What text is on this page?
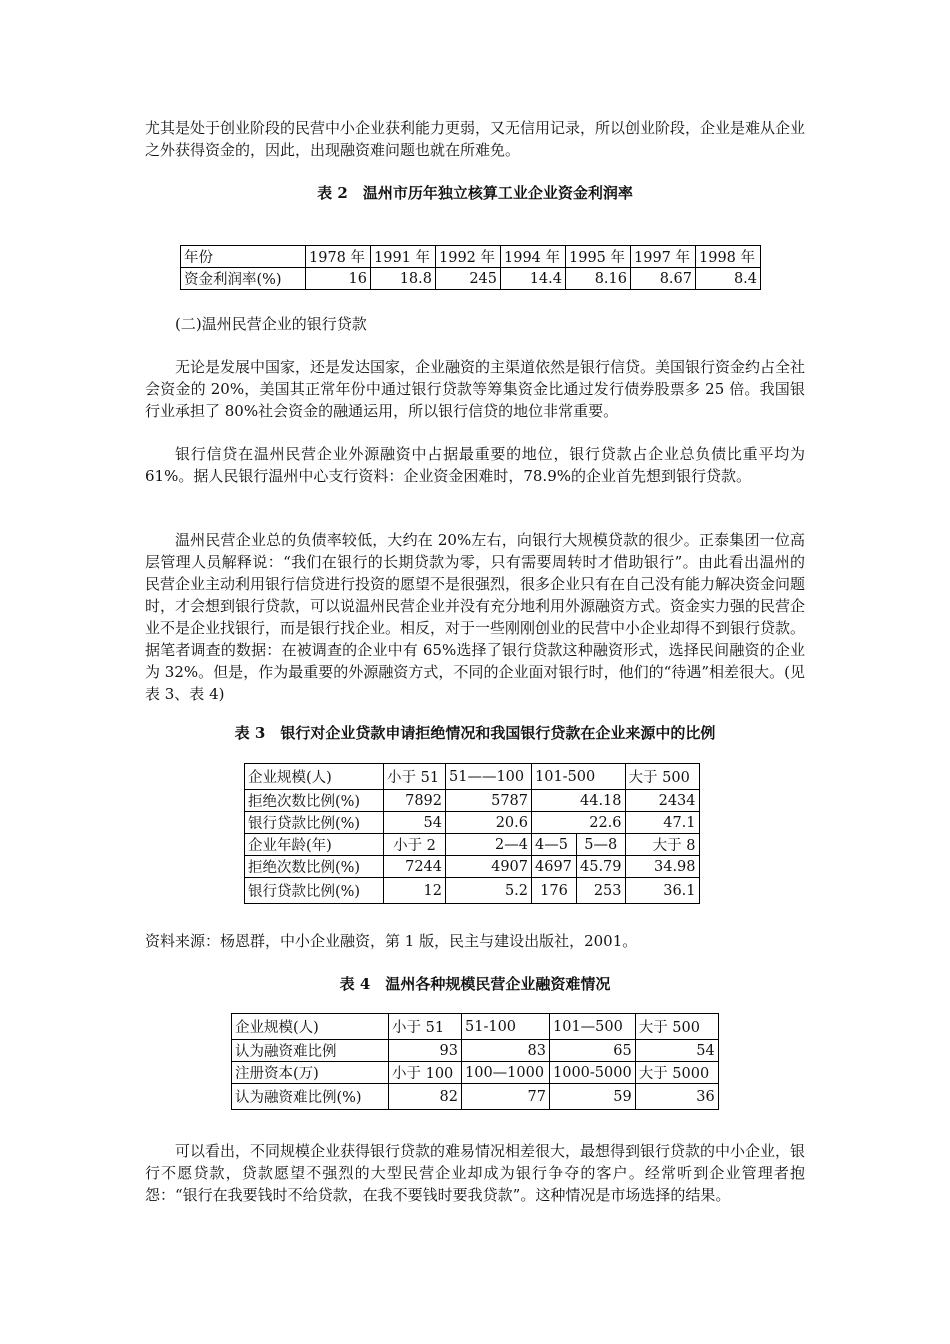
尤其是处于创业阶段的民营中小企业获利能力更弱，又无信用记录，所以创业阶段，企业是难从企业之外获得资金的，因此，出现融资难问题也就在所难免。

表 2　温州市历年独立核算工业企业资金利润率
年份	1978 年	1991 年	1992 年	1994 年	1995 年	1997 年	1998 年
资金利润率(%)	16	18.8	245	14.4	8.16	8.67	8.4

(二)温州民营企业的银行贷款

无论是发展中国家，还是发达国家，企业融资的主渠道依然是银行信贷。美国银行资金约占全社会资金的 20%，美国其正常年份中通过银行贷款等筹集资金比通过发行债券股票多 25 倍。我国银行业承担了 80%社会资金的融通运用，所以银行信贷的地位非常重要。

银行信贷在温州民营企业外源融资中占据最重要的地位，银行贷款占企业总负债比重平均为 61%。据人民银行温州中心支行资料：企业资金困难时，78.9%的企业首先想到银行贷款。

温州民营企业总的负债率较低，大约在 20%左右，向银行大规模贷款的很少。正泰集团一位高层管理人员解释说：“我们在银行的长期贷款为零，只有需要周转时才借助银行”。由此看出温州的民营企业主动利用银行信贷进行投资的愿望不是很强烈，很多企业只有在自己没有能力解决资金问题时，才会想到银行贷款，可以说温州民营企业并没有充分地利用外源融资方式。资金实力强的民营企业不是企业找银行，而是银行找企业。相反，对于一些刚刚创业的民营中小企业却得不到银行贷款。据笔者调查的数据：在被调查的企业中有 65%选择了银行贷款这种融资形式，选择民间融资的企业为 32%。但是，作为最重要的外源融资方式，不同的企业面对银行时，他们的“待遇”相差很大。(见表 3、表 4)

表 3　银行对企业贷款申请拒绝情况和我国银行贷款在企业来源中的比例
企业规模(人)	小于 51	51——100	101-500		大于 500
拒绝次数比例(%)	7892	5787	44.18		2434
银行贷款比例(%)	54	20.6	22.6		47.1
企业年龄(年)	小于 2	2—4	4—5	5—8	大于 8
拒绝次数比例(%)	7244	4907	4697	45.79	34.98
银行贷款比例(%)	12	5.2	176	253	36.1

资料来源：杨恩群，中小企业融资，第 1 版，民主与建设出版社，2001。

表 4　温州各种规模民营企业融资难情况
企业规模(人)	小于 51	51-100	101—500	大于 500
认为融资难比例	93	83	65	54
注册资本(万)	小于 100	100—1000	1000-5000	大于 5000
认为融资难比例(%)	82	77	59	36

可以看出，不同规模企业获得银行贷款的难易情况相差很大，最想得到银行贷款的中小企业，银行不愿贷款，贷款愿望不强烈的大型民营企业却成为银行争夺的客户。经常听到企业管理者抱怨：“银行在我要钱时不给贷款，在我不要钱时要我贷款”。这种情况是市场选择的结果。
